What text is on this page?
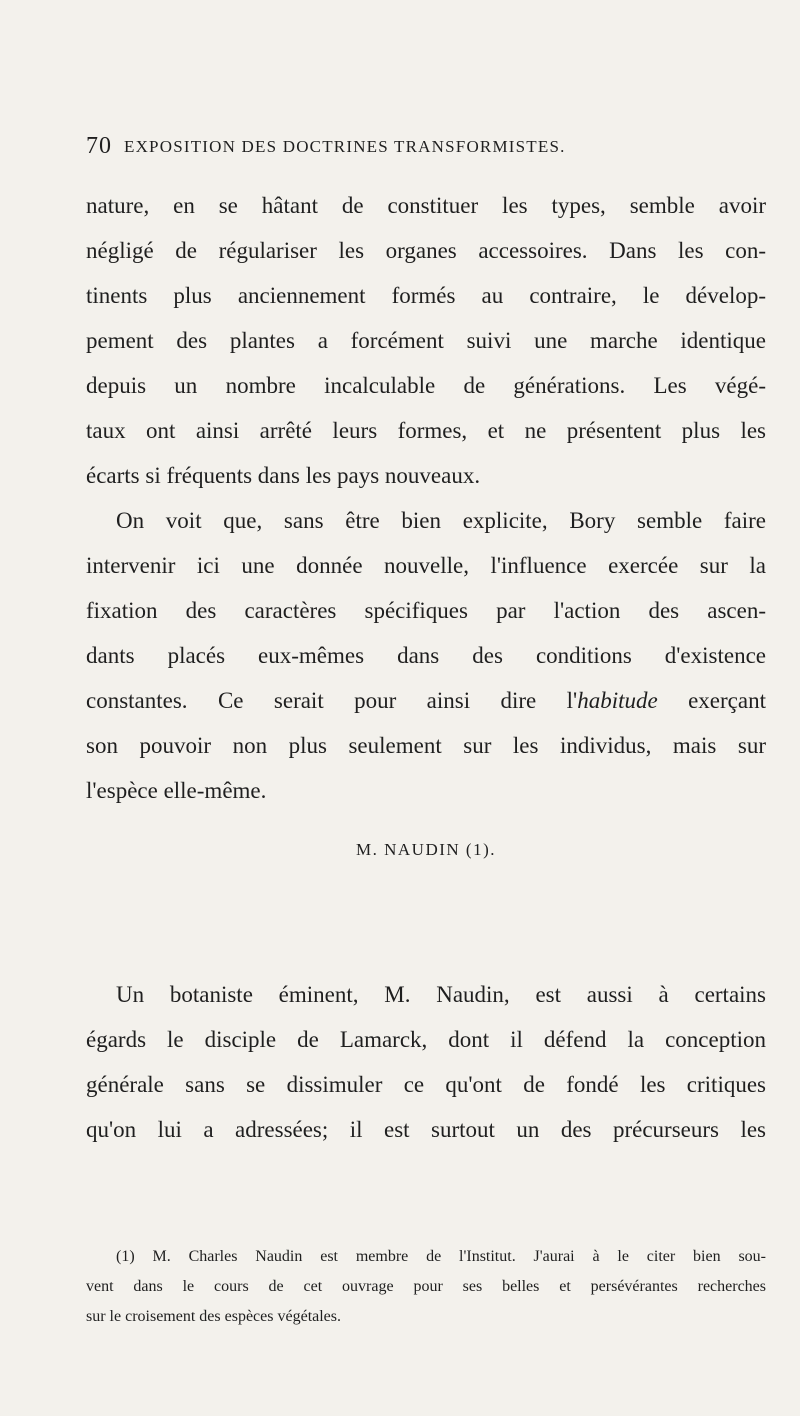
70 EXPOSITION DES DOCTRINES TRANSFORMISTES.
nature, en se hâtant de constituer les types, semble avoir
négligé de régulariser les organes accessoires. Dans les con-
tinents plus anciennement formés au contraire, le dévelop-
pement des plantes a forcément suivi une marche identique
depuis un nombre incalculable de générations. Les végé-
taux ont ainsi arrêté leurs formes, et ne présentent plus les
écarts si fréquents dans les pays nouveaux.
On voit que, sans être bien explicite, Bory semble faire
intervenir ici une donnée nouvelle, l'influence exercée sur la
fixation des caractères spécifiques par l'action des ascen-
dants placés eux-mêmes dans des conditions d'existence
constantes. Ce serait pour ainsi dire l'habitude exerçant
son pouvoir non plus seulement sur les individus, mais sur
l'espèce elle-même.
M. NAUDIN (1).
Un botaniste éminent, M. Naudin, est aussi à certains
égards le disciple de Lamarck, dont il défend la conception
générale sans se dissimuler ce qu'ont de fondé les critiques
qu'on lui a adressées; il est surtout un des précurseurs les
(1) M. Charles Naudin est membre de l'Institut. J'aurai à le citer bien sou-
vent dans le cours de cet ouvrage pour ses belles et persévérantes recherches
sur le croisement des espèces végétales.
